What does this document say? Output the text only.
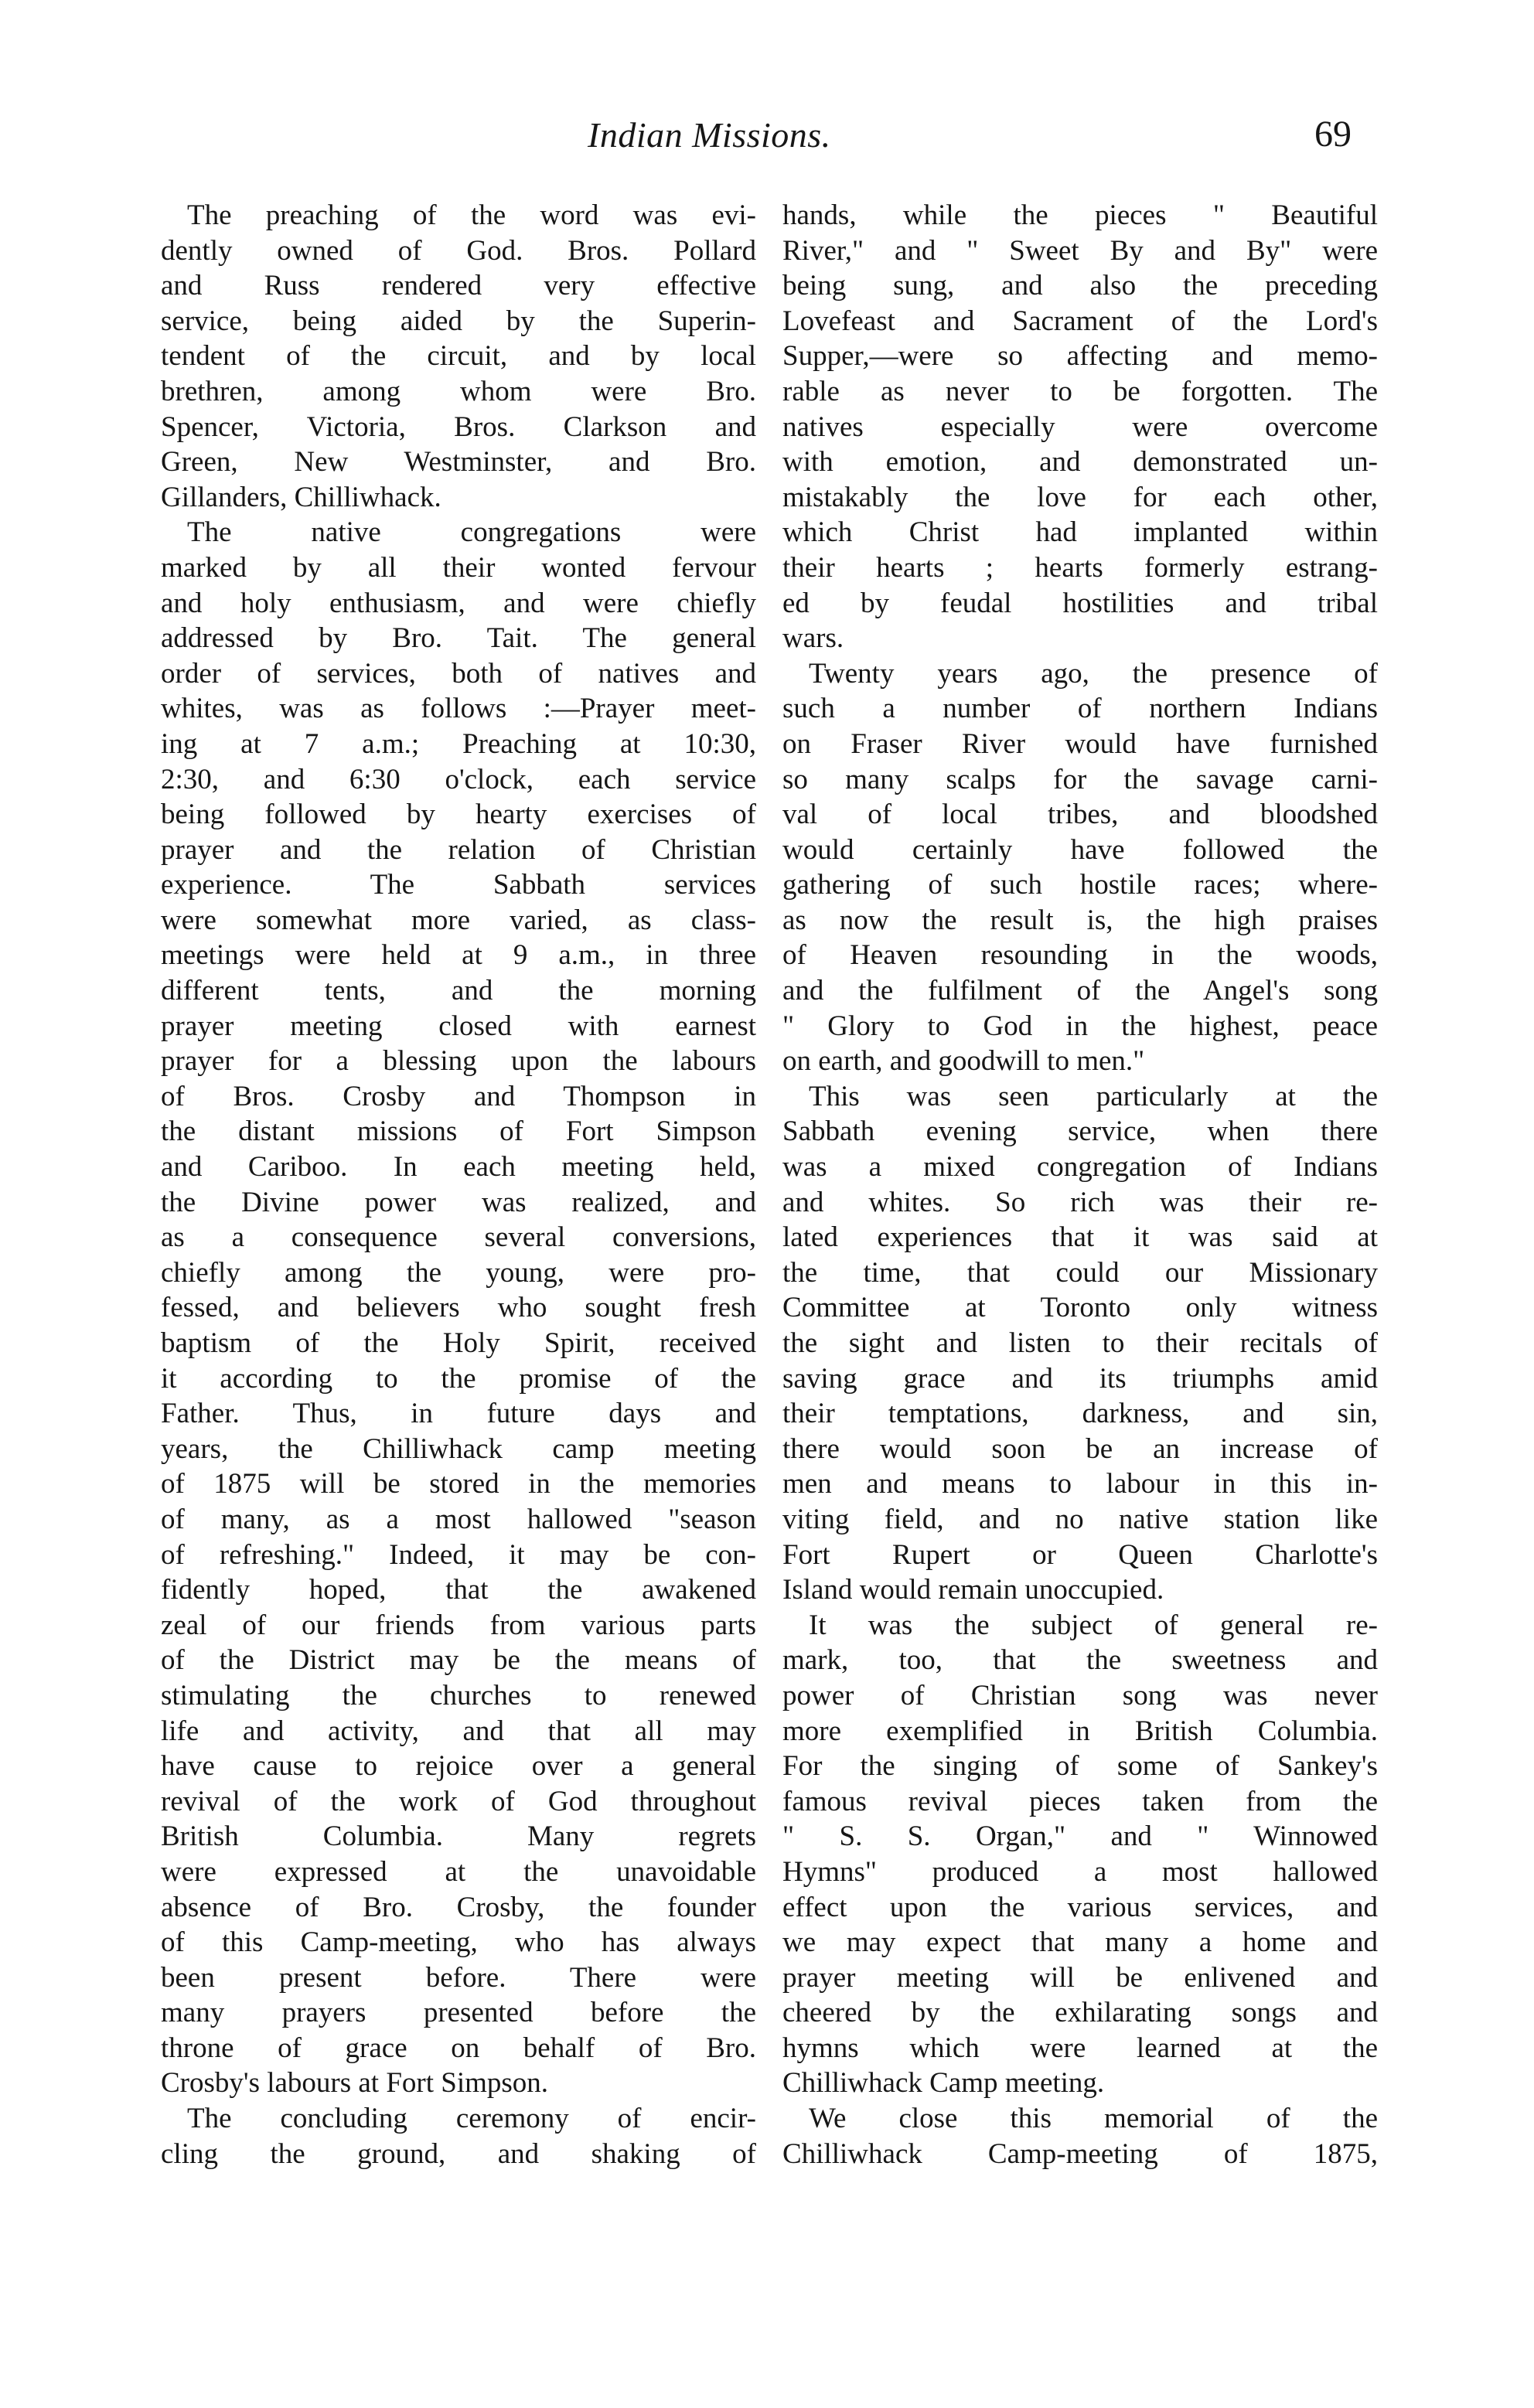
Indian Missions.	69
The preaching of the word was evi-
dently owned of God. Bros. Pollard
and Russ rendered very effective
service, being aided by the Superin-
tendent of the circuit, and by local
brethren, among whom were Bro.
Spencer, Victoria, Bros. Clarkson and
Green, New Westminster, and Bro.
Gillanders, Chilliwhack.
The native congregations were
marked by all their wonted fervour
and holy enthusiasm, and were chiefly
addressed by Bro. Tait. The general
order of services, both of natives and
whites, was as follows :—Prayer meet-
ing at 7 a.m.; Preaching at 10:30,
2:30, and 6:30 o'clock, each service
being followed by hearty exercises of
prayer and the relation of Christian
experience. The Sabbath services
were somewhat more varied, as class-
meetings were held at 9 a.m., in three
different tents, and the morning
prayer meeting closed with earnest
prayer for a blessing upon the labours
of Bros. Crosby and Thompson in
the distant missions of Fort Simpson
and Cariboo. In each meeting held,
the Divine power was realized, and
as a consequence several conversions,
chiefly among the young, were pro-
fessed, and believers who sought fresh
baptism of the Holy Spirit, received
it according to the promise of the
Father. Thus, in future days and
years, the Chilliwhack camp meeting
of 1875 will be stored in the memories
of many, as a most hallowed "season
of refreshing." Indeed, it may be con-
fidently hoped, that the awakened
zeal of our friends from various parts
of the District may be the means of
stimulating the churches to renewed
life and activity, and that all may
have cause to rejoice over a general
revival of the work of God throughout
British Columbia. Many regrets
were expressed at the unavoidable
absence of Bro. Crosby, the founder
of this Camp-meeting, who has always
been present before. There were
many prayers presented before the
throne of grace on behalf of Bro.
Crosby's labours at Fort Simpson.
The concluding ceremony of encir-
cling the ground, and shaking of
hands, while the pieces " Beautiful
River," and " Sweet By and By" were
being sung, and also the preceding
Lovefeast and Sacrament of the Lord's
Supper,—were so affecting and memo-
rable as never to be forgotten. The
natives especially were overcome
with emotion, and demonstrated un-
mistakably the love for each other,
which Christ had implanted within
their hearts ; hearts formerly estrang-
ed by feudal hostilities and tribal
wars.
Twenty years ago, the presence of
such a number of northern Indians
on Fraser River would have furnished
so many scalps for the savage carni-
val of local tribes, and bloodshed
would certainly have followed the
gathering of such hostile races; where-
as now the result is, the high praises
of Heaven resounding in the woods,
and the fulfilment of the Angel's song
" Glory to God in the highest, peace
on earth, and goodwill to men."
This was seen particularly at the
Sabbath evening service, when there
was a mixed congregation of Indians
and whites. So rich was their re-
lated experiences that it was said at
the time, that could our Missionary
Committee at Toronto only witness
the sight and listen to their recitals of
saving grace and its triumphs amid
their temptations, darkness, and sin,
there would soon be an increase of
men and means to labour in this in-
viting field, and no native station like
Fort Rupert or Queen Charlotte's
Island would remain unoccupied.
It was the subject of general re-
mark, too, that the sweetness and
power of Christian song was never
more exemplified in British Columbia.
For the singing of some of Sankey's
famous revival pieces taken from the
" S. S. Organ," and " Winnowed
Hymns" produced a most hallowed
effect upon the various services, and
we may expect that many a home and
prayer meeting will be enlivened and
cheered by the exhilarating songs and
hymns which were learned at the
Chilliwhack Camp meeting.
We close this memorial of the
Chilliwhack Camp-meeting of 1875,
